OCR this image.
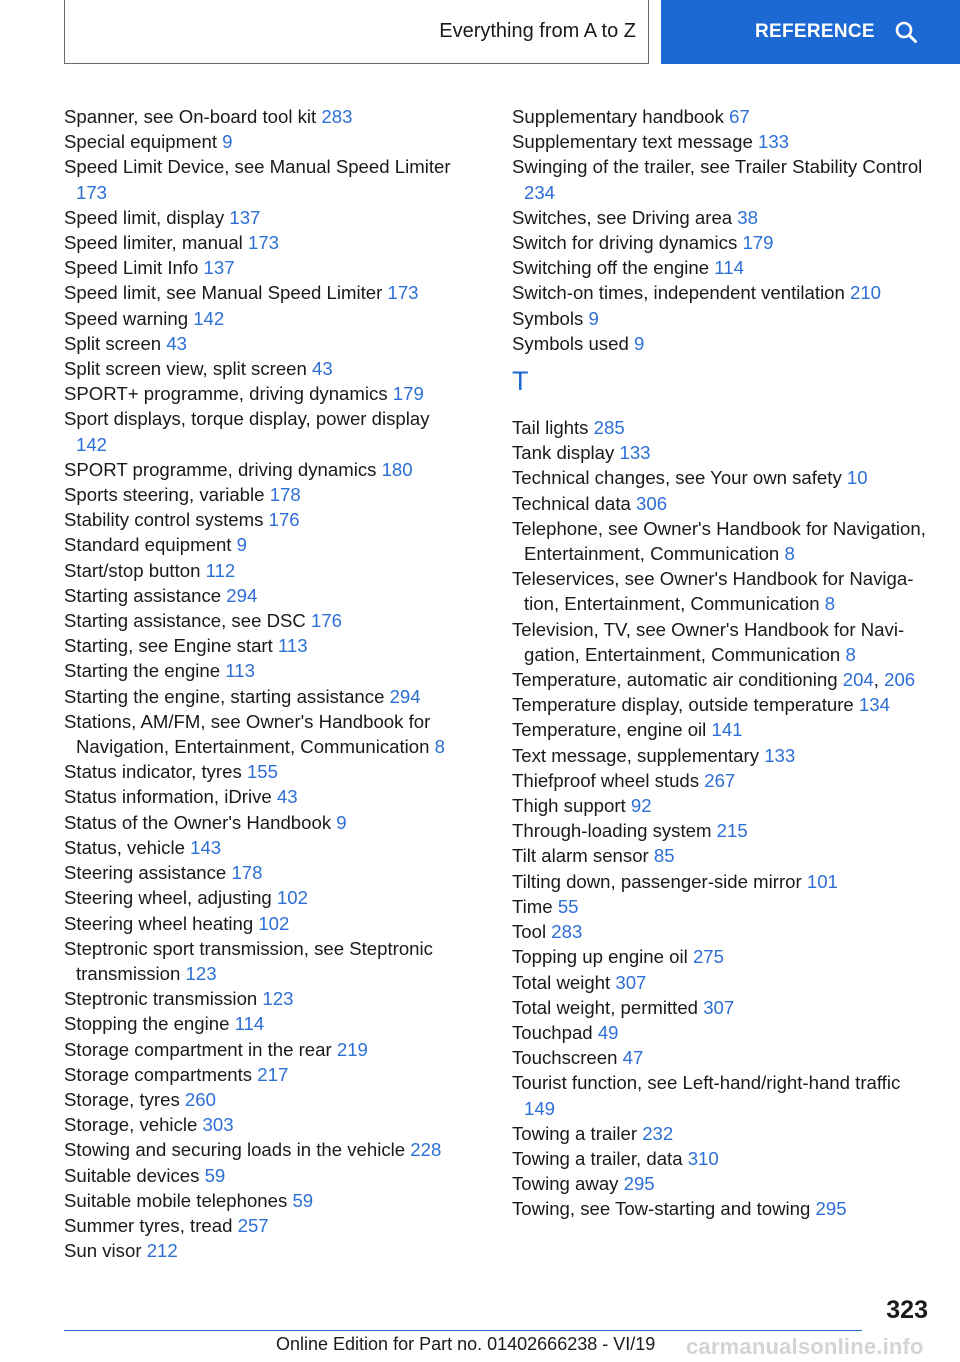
Everything from A to Z	REFERENCE
Spanner, see On-board tool kit 283
Special equipment 9
Speed Limit Device, see Manual Speed Limiter 173
Speed limit, display 137
Speed limiter, manual 173
Speed Limit Info 137
Speed limit, see Manual Speed Limiter 173
Speed warning 142
Split screen 43
Split screen view, split screen 43
SPORT+ programme, driving dynamics 179
Sport displays, torque display, power display 142
SPORT programme, driving dynamics 180
Sports steering, variable 178
Stability control systems 176
Standard equipment 9
Start/stop button 112
Starting assistance 294
Starting assistance, see DSC 176
Starting, see Engine start 113
Starting the engine 113
Starting the engine, starting assistance 294
Stations, AM/FM, see Owner's Handbook for Navigation, Entertainment, Communication 8
Status indicator, tyres 155
Status information, iDrive 43
Status of the Owner's Handbook 9
Status, vehicle 143
Steering assistance 178
Steering wheel, adjusting 102
Steering wheel heating 102
Steptronic sport transmission, see Steptronic transmission 123
Steptronic transmission 123
Stopping the engine 114
Storage compartment in the rear 219
Storage compartments 217
Storage, tyres 260
Storage, vehicle 303
Stowing and securing loads in the vehicle 228
Suitable devices 59
Suitable mobile telephones 59
Summer tyres, tread 257
Sun visor 212
Supplementary handbook 67
Supplementary text message 133
Swinging of the trailer, see Trailer Stability Control 234
Switches, see Driving area 38
Switch for driving dynamics 179
Switching off the engine 114
Switch-on times, independent ventilation 210
Symbols 9
Symbols used 9
T
Tail lights 285
Tank display 133
Technical changes, see Your own safety 10
Technical data 306
Telephone, see Owner's Handbook for Navigation, Entertainment, Communication 8
Teleservices, see Owner's Handbook for Navigation, Entertainment, Communication 8
Television, TV, see Owner's Handbook for Navigation, Entertainment, Communication 8
Temperature, automatic air conditioning 204, 206
Temperature display, outside temperature 134
Temperature, engine oil 141
Text message, supplementary 133
Thiefproof wheel studs 267
Thigh support 92
Through-loading system 215
Tilt alarm sensor 85
Tilting down, passenger-side mirror 101
Time 55
Tool 283
Topping up engine oil 275
Total weight 307
Total weight, permitted 307
Touchpad 49
Touchscreen 47
Tourist function, see Left-hand/right-hand traffic 149
Towing a trailer 232
Towing a trailer, data 310
Towing away 295
Towing, see Tow-starting and towing 295
323
Online Edition for Part no. 01402666238 - VI/19 carmanualsonline.info
